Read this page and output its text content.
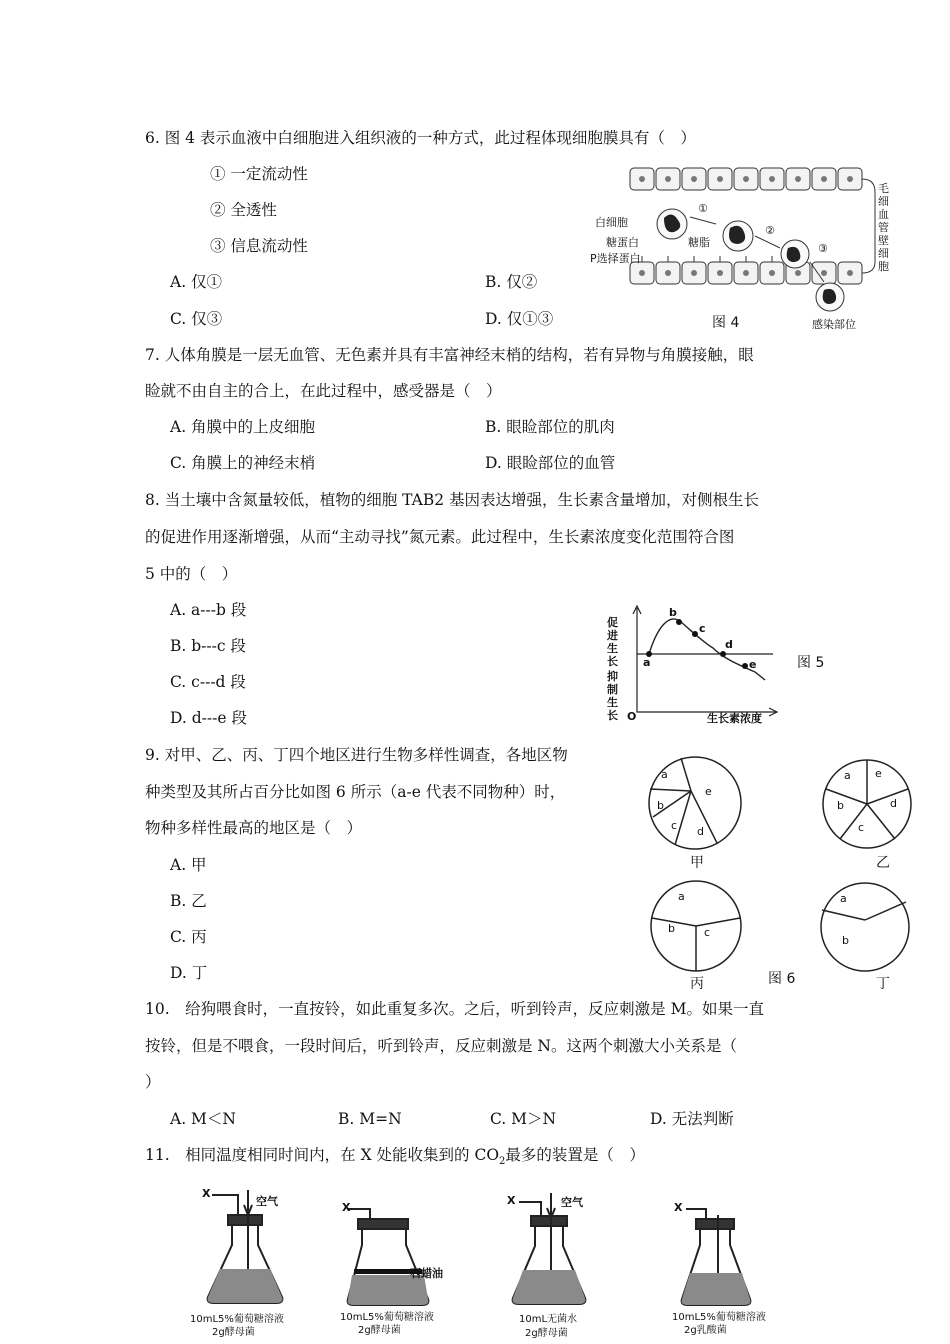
6. 图 4 表示血液中白细胞进入组织液的一种方式，此过程体现细胞膜具有（　）
① 一定流动性
② 全透性
③ 信息流动性
A. 仅①	B. 仅②
C. 仅③	D. 仅①③
白细胞
糖蛋白	糖脂
P选择蛋白
①
②
③
毛细血管壁细胞
感染部位
图 4
7. 人体角膜是一层无血管、无色素并具有丰富神经末梢的结构，若有异物与角膜接触，眼
睑就不由自主的合上，在此过程中，感受器是（　）
A. 角膜中的上皮细胞	B. 眼睑部位的肌肉
C. 角膜上的神经末梢	D. 眼睑部位的血管
8. 当土壤中含氮量较低，植物的细胞 TAB2 基因表达增强，生长素含量增加，对侧根生长
的促进作用逐渐增强，从而“主动寻找”氮元素。此过程中，生长素浓度变化范围符合图
5 中的（　）
A. a---b 段
B. b---c 段
C. c---d 段
D. d---e 段
促进生长
抑制生长 O	生长素浓度
a
b
c
d
e	图 5
9. 对甲、乙、丙、丁四个地区进行生物多样性调查，各地区物
种类型及其所占百分比如图 6 所示（a-e 代表不同物种）时，
物种多样性最高的地区是（　）
A. 甲
B. 乙
C. 丙
D. 丁
a
b
c d
e
甲
a e
b	d
c
乙
a
b	c
丙	图 6
a
b
丁
10.　给狗喂食时，一直按铃，如此重复多次。之后，听到铃声，反应刺激是 M。如果一直
按铃，但是不喂食，一段时间后，听到铃声，反应刺激是 N。这两个刺激大小关系是（
）
A. M＜N	B. M=N	C. M＞N	D. 无法判断
11.　相同温度相同时间内，在 X 处能收集到的 $CO_2$最多的装置是（　）
X
空气
10mL5%葡萄糖溶液
2g酵母菌
X
石蜡油
10mL5%葡萄糖溶液
2g酵母菌
X	空气
10mL无菌水
2g酵母菌
X
10mL5%葡萄糖溶液
2g乳酸菌
